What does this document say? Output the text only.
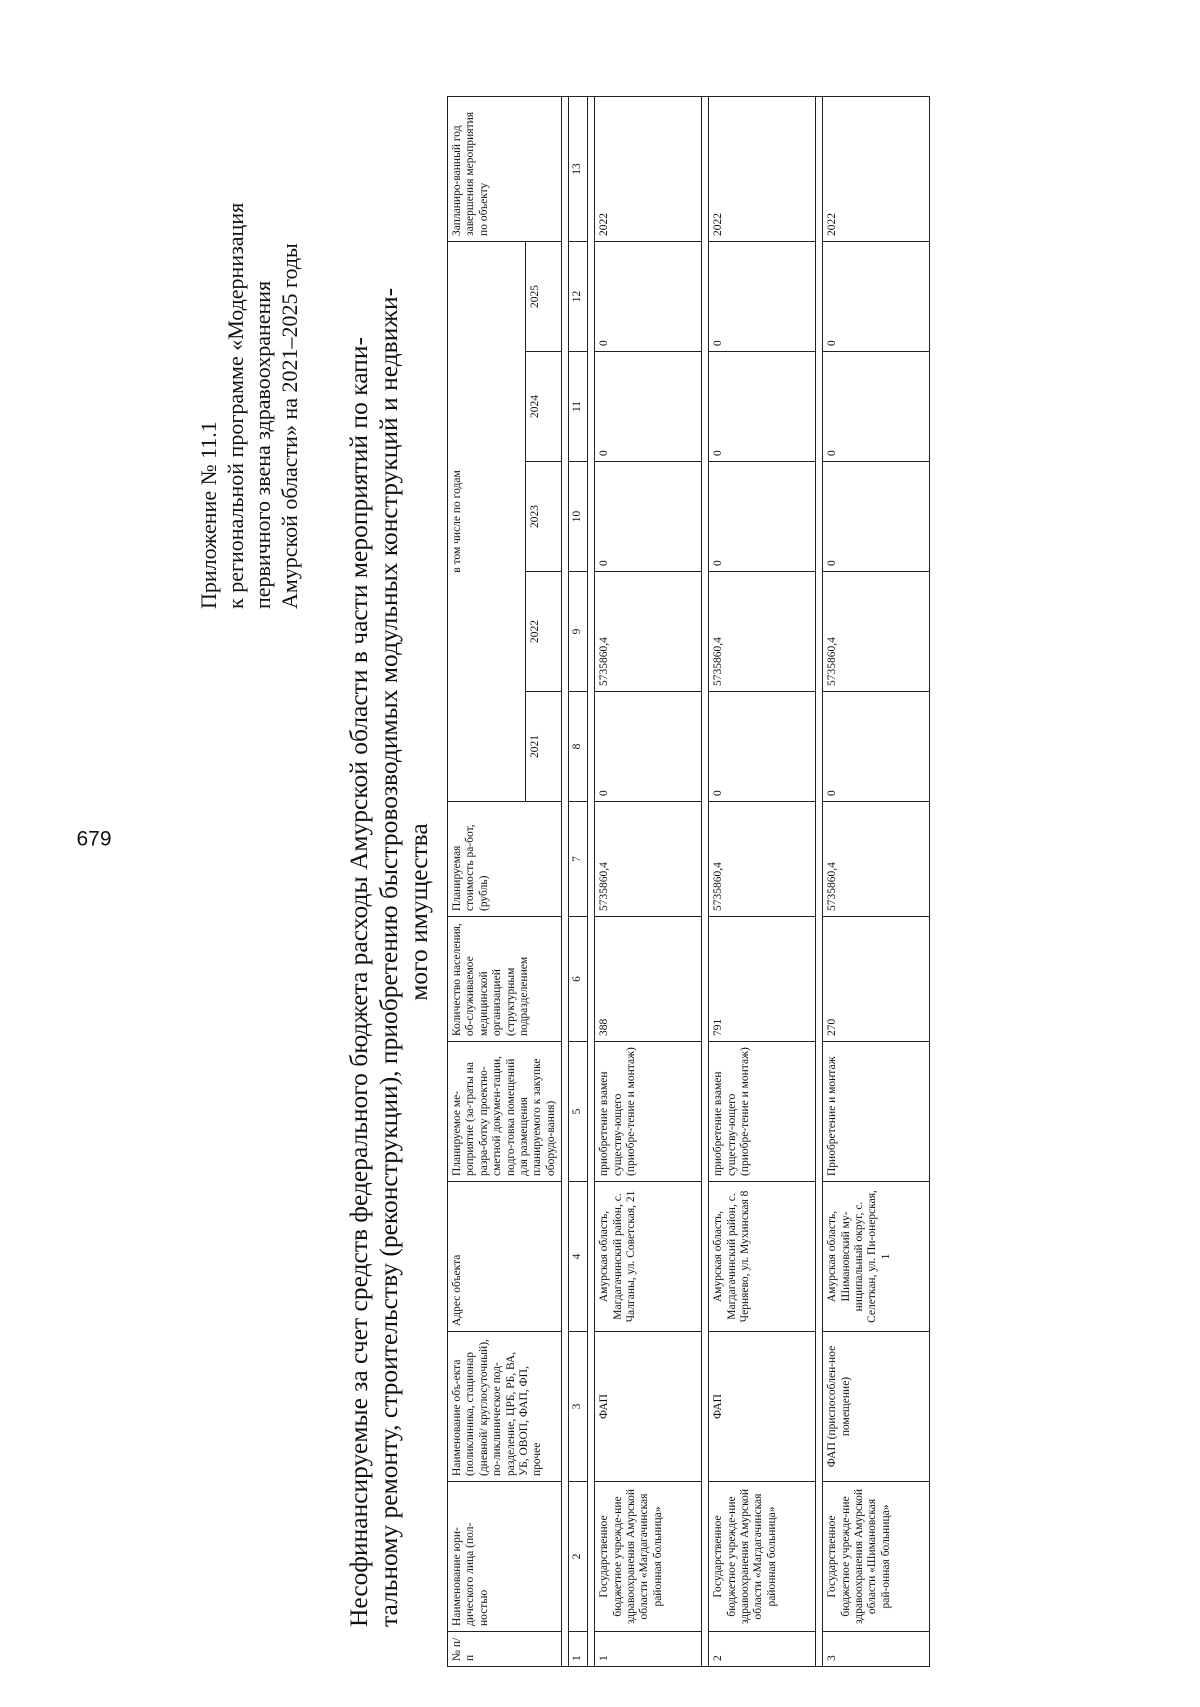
679
Приложение № 11.1 к региональной программе «Модернизация первичного звена здравоохранения Амурской области» на 2021–2025 годы Несофинансируемые за счет средств федерального бюджета расходы Амурской области в части мероприятий по капи- тальному ремонту, строительству (реконструкции), приобретению быстровозводимых модульных конструкций и недвижи- мого имущества
№ п/п	Наименование юри-дического лица (пол-ностью	Наименование объ-екта (поликлиника, стационар (дневной/ круглосуточный), по-ликлиническое под-разделение, ЦРБ, РБ, ВА, УБ, ОВОП, ФАП, ФП, прочее	Адрес объекта	Планируемое ме-роприятие (за-траты на разра-ботку проектно-сметной докумен-тации, подго-товка помещений для размещения планируемого к закупке оборудо-вания)	Количество населения, об-служиваемое медицинской организацией (структурным подразделением	Планируемая стоимость ра-бот, (рубль)	в том числе по годам					Запланиро-ванный год завершения мероприятия по объекту
							2021	2022	2023	2024	2025	

1	2	3	4	5	6	7	8	9	10	11	12	13

1	Государственное бюджетное учрежде-ние здравоохранения Амурской области «Магдагачинская районная больница»	ФАП	Амурская область, Магдагачинский район, с. Чалганы, ул. Советская, 21	приобретение взамен существу-ющего (приобре-тение и монтаж)	388	5735860,4	0	5735860,4	0	0	0	2022

2	Государственное бюджетное учрежде-ние здравоохранения Амурской области «Магдагачинская районная больница»	ФАП	Амурская область, Магдагачинский район, с. Черняево, ул. Мухинская 8	приобретение взамен существу-ющего (приобре-тение и монтаж)	791	5735860,4	0	5735860,4	0	0	0	2022

3	Государственное бюджетное учрежде-ние здравоохранения Амурской области «Шимановская рай-онная больница»	ФАП (приспособлен-ное помещение)	Амурская область, Шимановский му-ниципальный округ, с. Селеткан, ул. Пи-онерская, 1	Приобретение и монтаж	270	5735860,4	0	5735860,4	0	0	0	2022
